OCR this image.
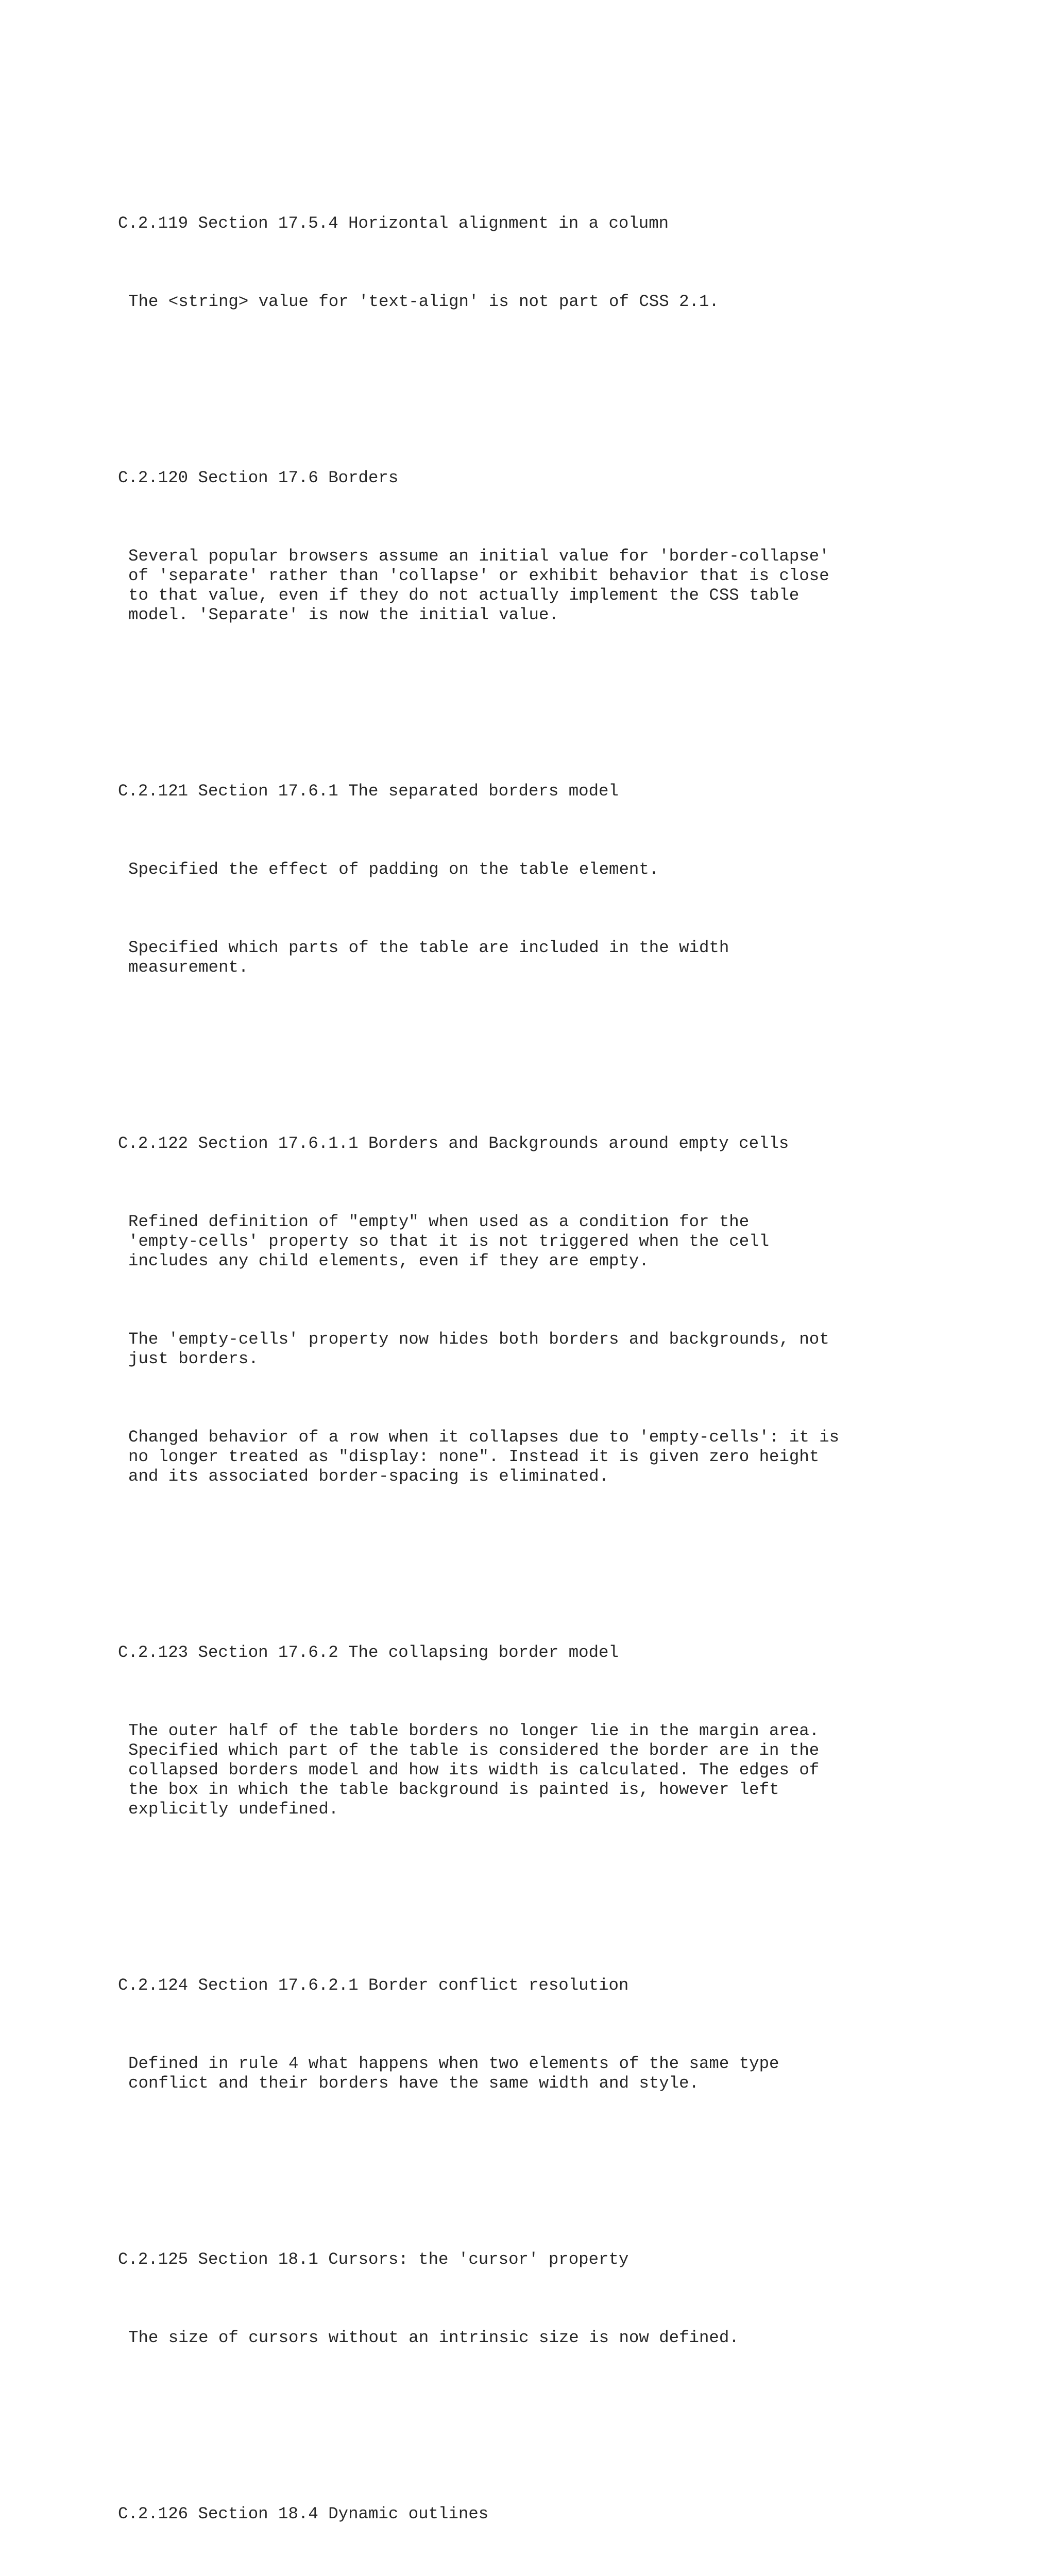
C.2.119 Section 17.5.4 Horizontal alignment in a column

The <string> value for 'text-align' is not part of CSS 2.1.

C.2.120 Section 17.6 Borders

Several popular browsers assume an initial value for 'border-collapse'
of 'separate' rather than 'collapse' or exhibit behavior that is close
to that value, even if they do not actually implement the CSS table
model. 'Separate' is now the initial value.

C.2.121 Section 17.6.1 The separated borders model

Specified the effect of padding on the table element.

Specified which parts of the table are included in the width
measurement.

C.2.122 Section 17.6.1.1 Borders and Backgrounds around empty cells

Refined definition of "empty" when used as a condition for the
'empty-cells' property so that it is not triggered when the cell
includes any child elements, even if they are empty.

The 'empty-cells' property now hides both borders and backgrounds, not
just borders.

Changed behavior of a row when it collapses due to 'empty-cells': it is
no longer treated as "display: none". Instead it is given zero height
and its associated border-spacing is eliminated.

C.2.123 Section 17.6.2 The collapsing border model

The outer half of the table borders no longer lie in the margin area.
Specified which part of the table is considered the border are in the
collapsed borders model and how its width is calculated. The edges of
the box in which the table background is painted is, however left
explicitly undefined.

C.2.124 Section 17.6.2.1 Border conflict resolution

Defined in rule 4 what happens when two elements of the same type
conflict and their borders have the same width and style.

C.2.125 Section 18.1 Cursors: the 'cursor' property

The size of cursors without an intrinsic size is now defined.

C.2.126 Section 18.4 Dynamic outlines
